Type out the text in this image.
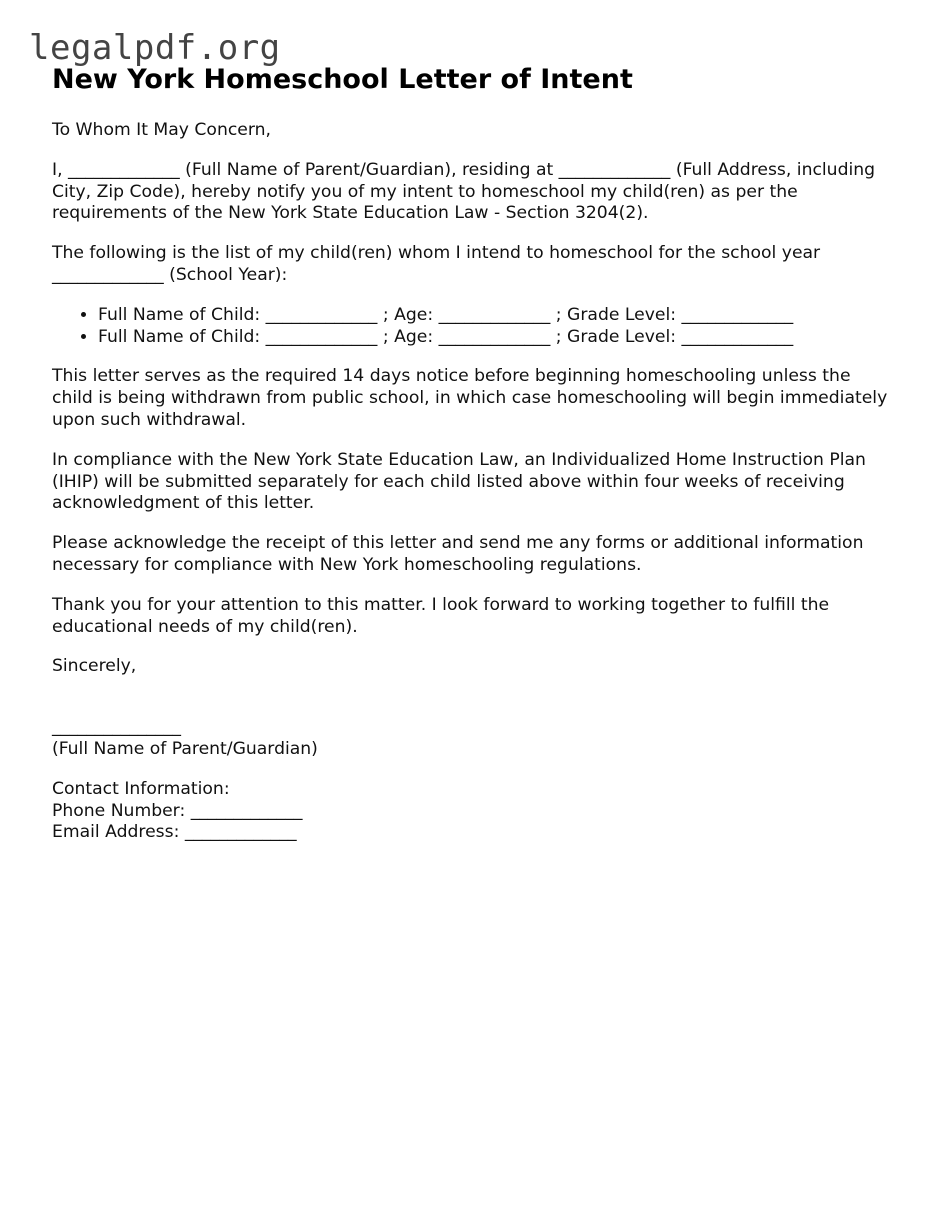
legalpdf.org
New York Homeschool Letter of Intent

To Whom It May Concern,

I, _____________ (Full Name of Parent/Guardian), residing at _____________ (Full Address, including City, Zip Code), hereby notify you of my intent to homeschool my child(ren) as per the requirements of the New York State Education Law - Section 3204(2).

The following is the list of my child(ren) whom I intend to homeschool for the school year _____________ (School Year):

• Full Name of Child: _____________ ; Age: _____________ ; Grade Level: _____________
• Full Name of Child: _____________ ; Age: _____________ ; Grade Level: _____________

This letter serves as the required 14 days notice before beginning homeschooling unless the child is being withdrawn from public school, in which case homeschooling will begin immediately upon such withdrawal.

In compliance with the New York State Education Law, an Individualized Home Instruction Plan (IHIP) will be submitted separately for each child listed above within four weeks of receiving acknowledgment of this letter.

Please acknowledge the receipt of this letter and send me any forms or additional information necessary for compliance with New York homeschooling regulations.

Thank you for your attention to this matter. I look forward to working together to fulfill the educational needs of my child(ren).

Sincerely,

_______________
(Full Name of Parent/Guardian)

Contact Information:
Phone Number: _____________
Email Address: _____________
